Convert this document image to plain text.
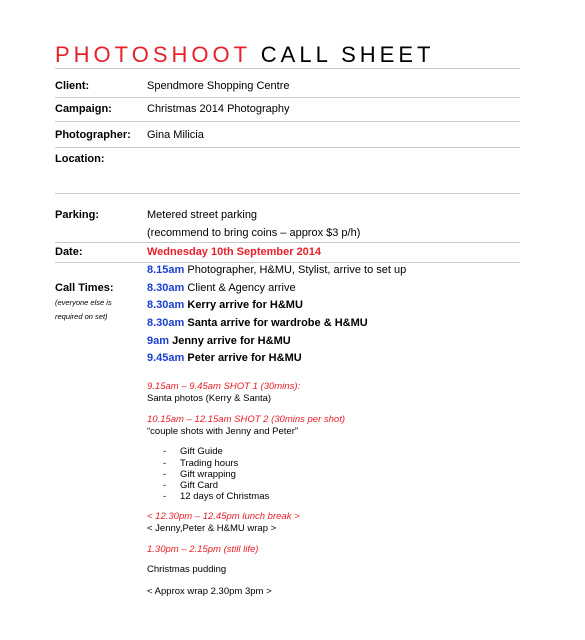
PHOTOSHOOT CALL SHEET
Client:	Spendmore Shopping Centre
Campaign:	Christmas 2014 Photography
Photographer: Gina Milicia
Location:
Parking:	Metered street parking
(recommend to bring coins – approx $3 p/h)
Date:	Wednesday 10th September 2014
Call Times:
(everyone else is
required on set)
8.15am Photographer, H&MU, Stylist, arrive to set up
8.30am Client & Agency arrive
8.30am Kerry arrive for H&MU
8.30am Santa arrive for wardrobe & H&MU
9am Jenny arrive for H&MU
9.45am Peter arrive for H&MU
9.15am – 9.45am SHOT 1 (30mins):
Santa photos (Kerry & Santa)
10.15am – 12.15am SHOT 2 (30mins per shot)
“couple shots with Jenny and Peter”
- Gift Guide
- Trading hours
- Gift wrapping
- Gift Card
- 12 days of Christmas
< 12.30pm – 12.45pm lunch break >
< Jenny,Peter & H&MU wrap >
1.30pm – 2.15pm (still life)
Christmas pudding
< Approx wrap 2.30pm 3pm >
